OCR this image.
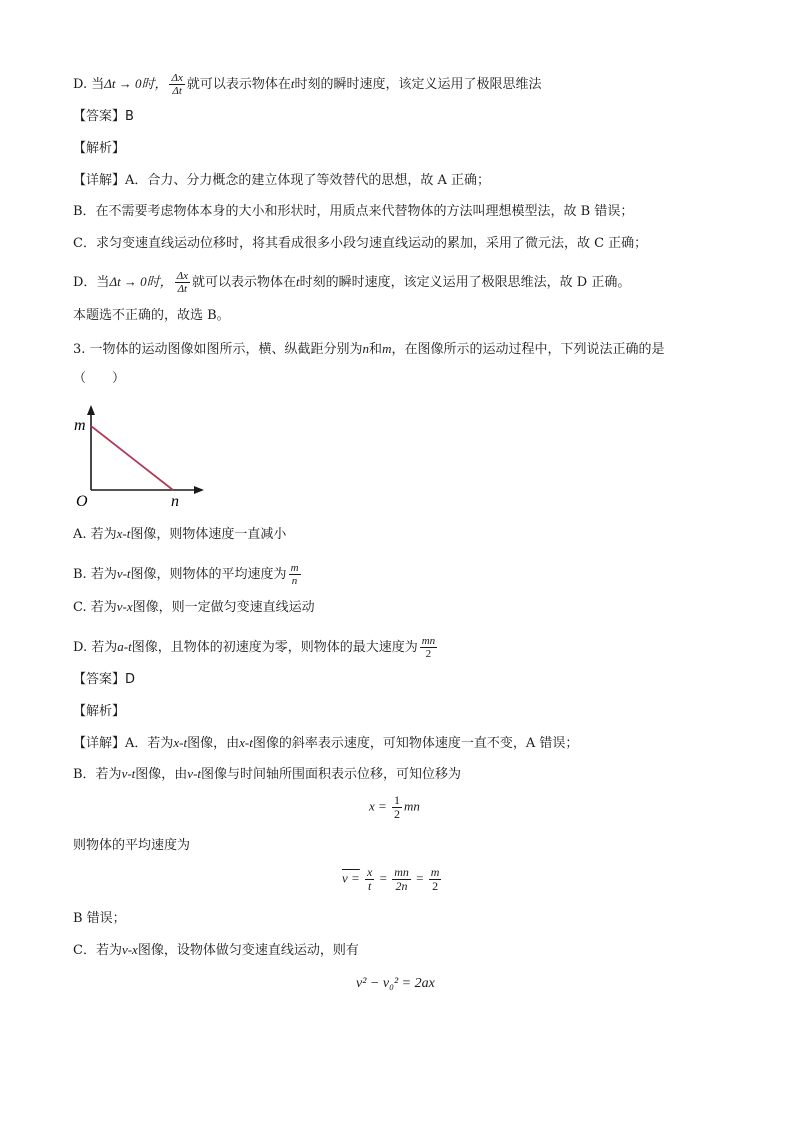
D. 当Δt → 0时， $\frac{\Delta x}{\Delta t}$ 就可以表示物体在t时刻的瞬时速度，该定义运用了极限思维法
【答案】B
【解析】
【详解】A．合力、分力概念的建立体现了等效替代的思想，故 A 正确；
B．在不需要考虑物体本身的大小和形状时，用质点来代替物体的方法叫理想模型法，故 B 错误；
C．求匀变速直线运动位移时，将其看成很多小段匀速直线运动的累加，采用了微元法，故 C 正确；
D．当Δt → 0时， $\frac{\Delta x}{\Delta t}$ 就可以表示物体在t时刻的瞬时速度，该定义运用了极限思维法，故 D 正确。
本题选不正确的，故选 B。
3. 一物体的运动图像如图所示，横、纵截距分别为n和m，在图像所示的运动过程中，下列说法正确的是
（　　）
m
O	n
A. 若为x-t图像，则物体速度一直减小
B. 若为v-t图像，则物体的平均速度为 $\frac{m}{n}$
C. 若为v-x图像，则一定做匀变速直线运动
D. 若为a-t图像，且物体的初速度为零，则物体的最大速度为 $\frac{mn}{2}$
【答案】D
【解析】
【详解】A．若为x-t图像，由x-t图像的斜率表示速度，可知物体速度一直不变，A 错误；
B．若为v-t图像，由v-t图像与时间轴所围面积表示位移，可知位移为
$x = \frac{1}{2}$ mn
则物体的平均速度为
$v = \frac{x}{t} = \frac{mn}{2n} = \frac{m}{2}$
B 错误；
C．若为v-x图像，设物体做匀变速直线运动，则有
v² − v₀² = 2ax
